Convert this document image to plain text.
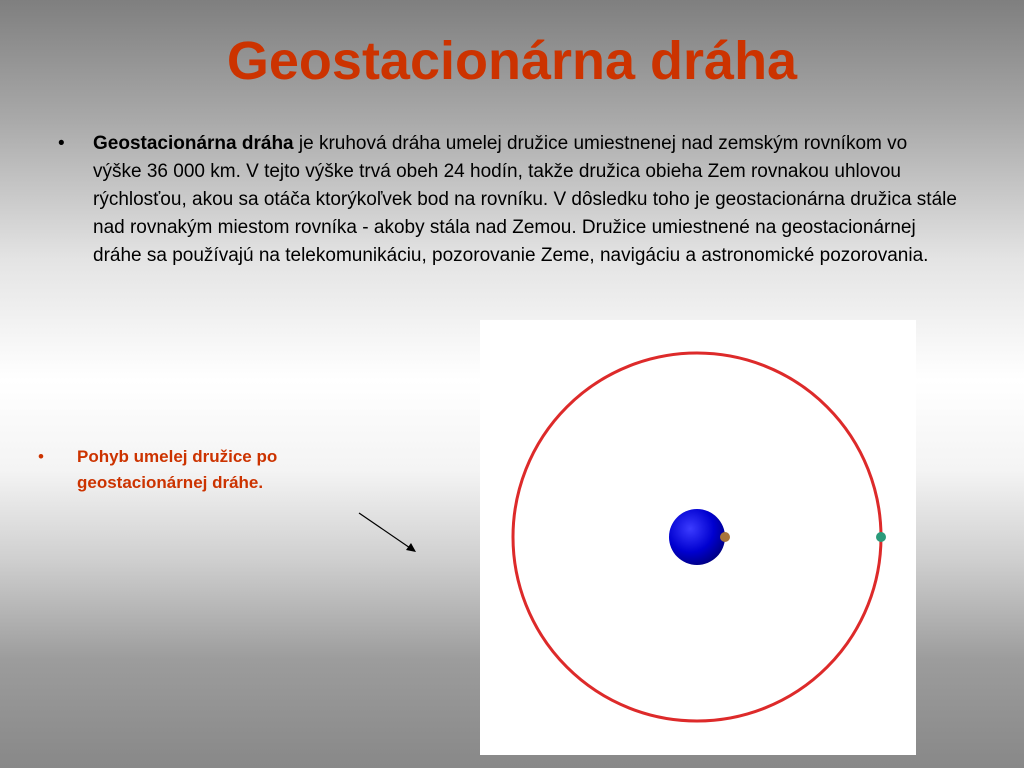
Geostacionárna dráha
• Geostacionárna dráha je kruhová dráha umelej družice umiestnenej nad zemským rovníkom vo výške 36 000 km. V tejto výške trvá obeh 24 hodín, takže družica obieha Zem rovnakou uhlovou rýchlosťou, akou sa otáča ktorýkoľvek bod na rovníku. V dôsledku toho je geostacionárna družica stále nad rovnakým miestom rovníka - akoby stála nad Zemou. Družice umiestnené na geostacionárnej dráhe sa používajú na telekomunikáciu, pozorovanie Zeme, navigáciu a astronomické pozorovania.
• Pohyb umelej družice po geostacionárnej dráhe.
